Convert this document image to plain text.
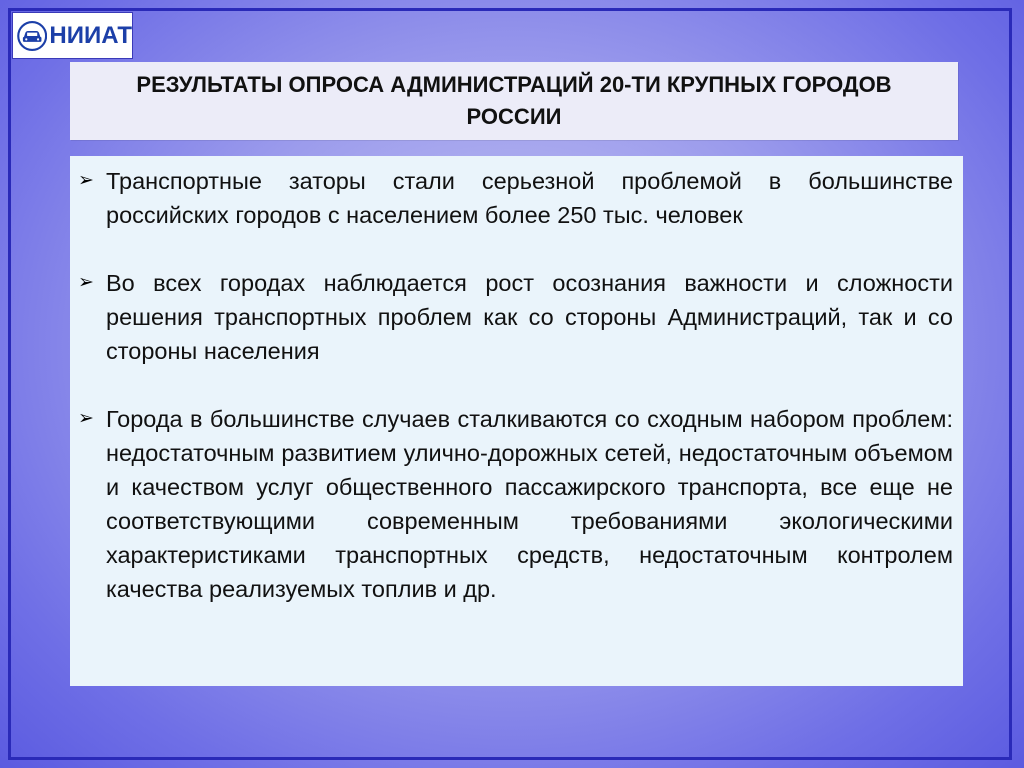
НИИАТ
РЕЗУЛЬТАТЫ ОПРОСА АДМИНИСТРАЦИЙ 20-ТИ КРУПНЫХ ГОРОДОВ РОССИИ
➢ Транспортные заторы стали серьезной проблемой в большинстве российских городов с населением более 250 тыс. человек

➢ Во всех городах наблюдается рост осознания важности и сложности решения транспортных проблем как со стороны Администраций, так и со стороны населения

➢ Города в большинстве случаев сталкиваются со сходным набором проблем: недостаточным развитием улично-дорожных сетей, недостаточным объемом и качеством услуг общественного пассажирского транспорта, все еще не соответствующими современным требованиями экологическими характеристиками транспортных средств, недостаточным контролем качества реализуемых топлив и др.
